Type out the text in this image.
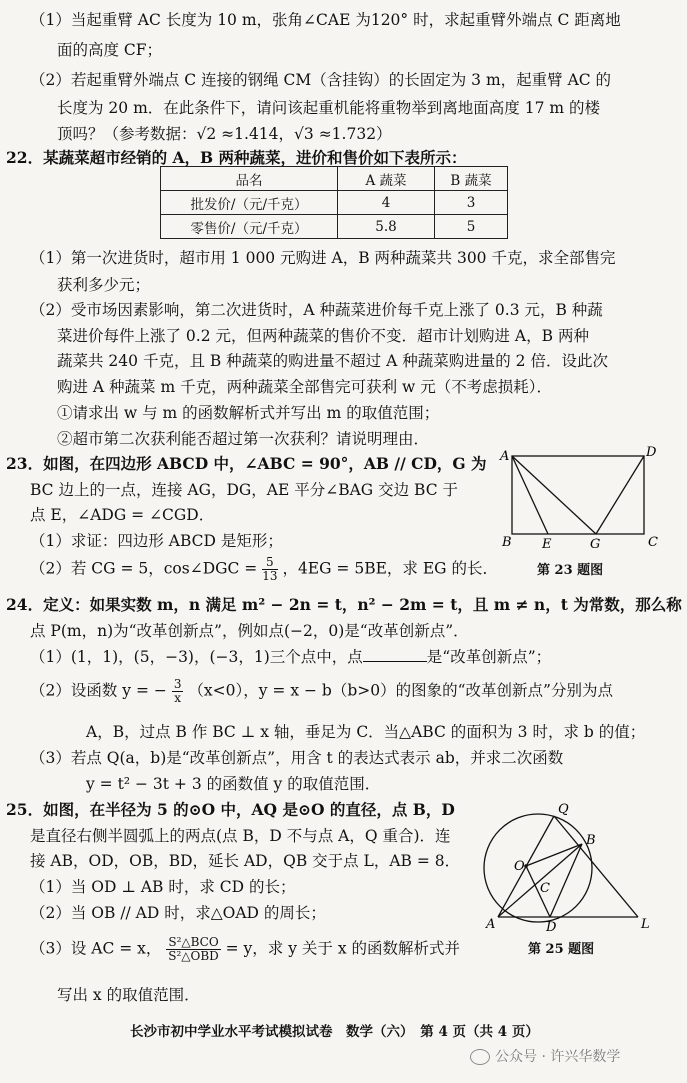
（1）当起重臂 AC 长度为 10 m，张角∠CAE 为120° 时，求起重臂外端点 C 距离地
面的高度 CF；
（2）若起重臂外端点 C 连接的钢绳 CM（含挂钩）的长固定为 3 m，起重臂 AC 的
长度为 20 m．在此条件下，请问该起重机能将重物举到离地面高度 17 m 的楼
顶吗？（参考数据：√2 ≈1.414，√3 ≈1.732）
22．某蔬菜超市经销的 A，B 两种蔬菜，进价和售价如下表所示：
品名	A 蔬菜	B 蔬菜
批发价/（元/千克）	4	3
零售价/（元/千克）	5.8	5
（1）第一次进货时，超市用 1 000 元购进 A，B 两种蔬菜共 300 千克，求全部售完
获利多少元；
（2）受市场因素影响，第二次进货时，A 种蔬菜进价每千克上涨了 0.3 元，B 种蔬
菜进价每件上涨了 0.2 元，但两种蔬菜的售价不变．超市计划购进 A，B 两种
蔬菜共 240 千克，且 B 种蔬菜的购进量不超过 A 种蔬菜购进量的 2 倍．设此次
购进 A 种蔬菜 m 千克，两种蔬菜全部售完可获利 w 元（不考虑损耗）．
①请求出 w 与 m 的函数解析式并写出 m 的取值范围；
②超市第二次获利能否超过第一次获利？请说明理由．
23．如图，在四边形 ABCD 中，∠ABC = 90°，AB // CD，G 为
BC 边上的一点，连接 AG，DG，AE 平分∠BAG 交边 BC 于
点 E，∠ADG = ∠CGD．
（1）求证：四边形 ABCD 是矩形；
（2）若 CG = 5，cos∠DGC = $\frac{5}{13}$ ，4EG = 5BE，求 EG 的长．
A	D
B E	G	C
第 23 题图
24．定义：如果实数 m，n 满足 m² − 2n = t，n² − 2m = t，且 m ≠ n，t 为常数，那么称
点 P(m，n)为“改革创新点”，例如点(−2，0)是“改革创新点”．
（1）(1，1)，(5，−3)，(−3，1)三个点中，点	是“改革创新点”；
（2）设函数 y = − $\frac{3}{x} (x<0)$，y = x − b（b>0）的图象的“改革创新点”分别为点
A，B，过点 B 作 BC ⊥ x 轴，垂足为 C．当△ABC 的面积为 3 时，求 b 的值；
（3）若点 Q(a，b)是“改革创新点”，用含 t 的表达式表示 ab，并求二次函数
y = t² − 3t + 3 的函数值 y 的取值范围．
25．如图，在半径为 5 的⊙O 中，AQ 是⊙O 的直径，点 B，D
是直径右侧半圆弧上的两点(点 B，D 不与点 A，Q 重合)．连
接 AB，OD，OB，BD，延长 AD，QB 交于点 L，AB = 8．
（1）当 OD ⊥ AB 时，求 CD 的长；
（2）当 OB // AD 时，求△OAD 的周长；
（3）设 AC = x， $\frac{\text{S²△BCO}}{\text{S²△OBD}} = y$，求 y 关于 x 的函数解析式并
写出 x 的取值范围．
Q
B
O
C
A	D	L
第 25 题图
长沙市初中学业水平考试模拟试卷　数学（六）　第 4 页（共 4 页）
公众号 · 许兴华数学
